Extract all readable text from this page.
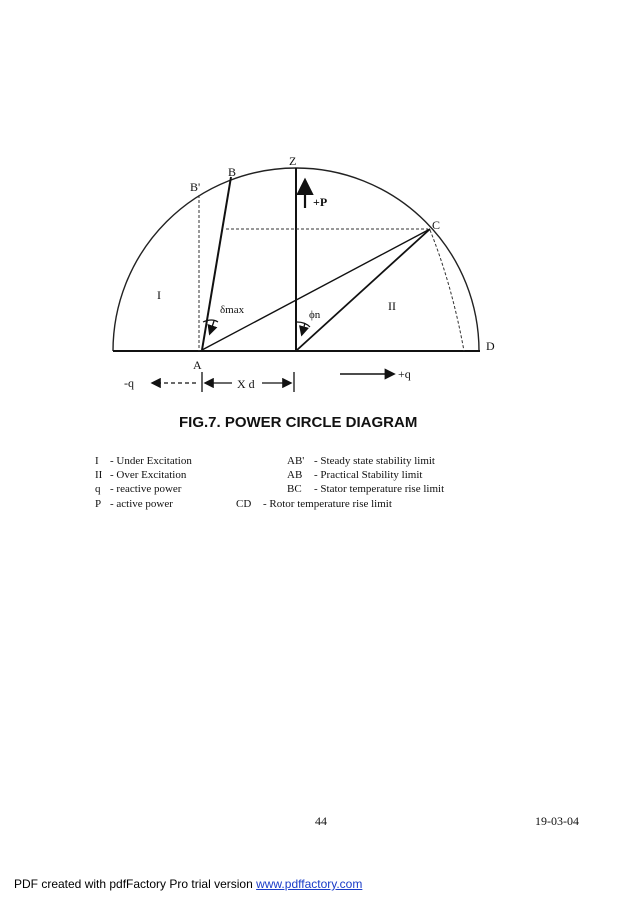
Z
B
B'
C
A
D
I
II
+P
+q
-q	Xd
δmax	ϕn
FIG.7. POWER CIRCLE DIAGRAM
I - Under Excitation
II - Over Excitation
q - reactive power
P - active power
AB' - Steady state stability limit
AB - Practical Stability limit
BC - Stator temperature rise limit
CD - Rotor temperature rise limit
44	19-03-04
PDF created with pdfFactory Pro trial version www.pdffactory.com
